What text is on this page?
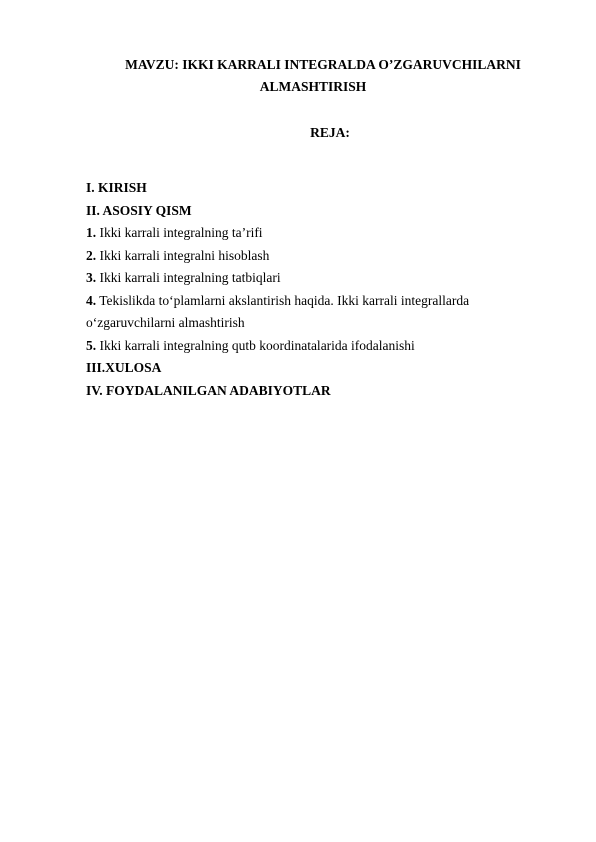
MAVZU: IKKI KARRALI INTEGRALDA O’ZGARUVCHILARNI
ALMASHTIRISH
REJA:
I. KIRISH
II. ASOSIY QISM
1. Ikki karrali integralning ta’rifi
2. Ikki karrali integralni hisoblash
3. Ikki karrali integralning tatbiqlari
4. Tekislikda to‘plamlarni akslantirish haqida. Ikki karrali integrallarda
o‘zgaruvchilarni almashtirish
5. Ikki karrali integralning qutb koordinatalarida ifodalanishi
III.XULOSA
IV. FOYDALANILGAN ADABIYOTLAR
